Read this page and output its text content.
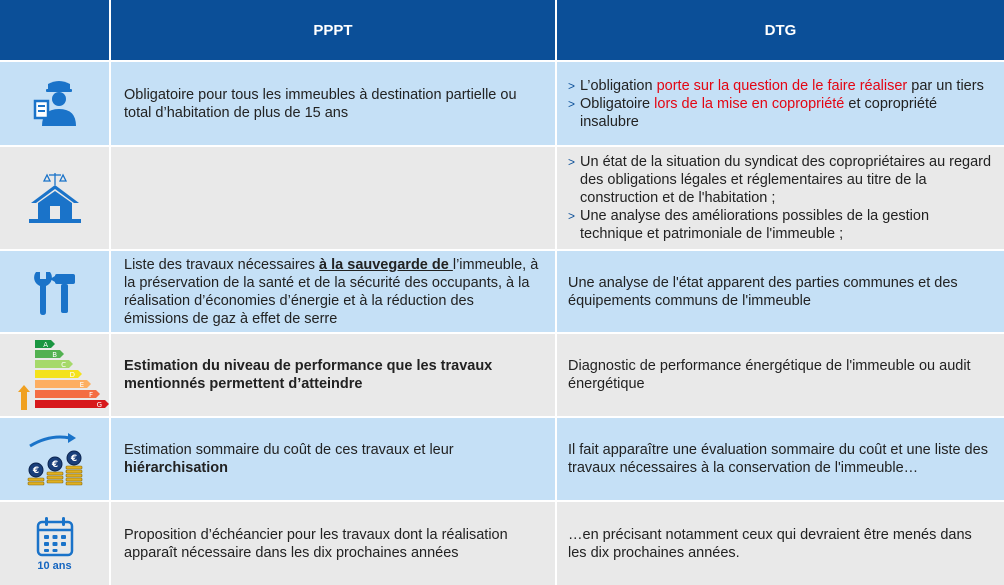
PPPT	DTG
Obligatoire pour tous les immeubles à destination partielle ou total d’habitation de plus de 15 ans
> L’obligation porte sur la question de le faire réaliser par un tiers
> Obligatoire lors de la mise en copropriété et copropriété insalubre
> Un état de la situation du syndicat des copropriétaires au regard des obligations légales et réglementaires au titre de la construction et de l'habitation ;
> Une analyse des améliorations possibles de la gestion technique et patrimoniale de l'immeuble ;
Liste des travaux nécessaires à la sauvegarde de l’immeuble, à la préservation de la santé et de la sécurité des occupants, à la réalisation d’économies d’énergie et à la réduction des émissions de gaz à effet de serre
Une analyse de l'état apparent des parties communes et des équipements communs de l'immeuble
A
B
C
D
E
F
G
Estimation du niveau de performance que les travaux mentionnés permettent d’atteindre
Diagnostic de performance énergétique de l'immeuble ou audit énergétique
€
€
€
Estimation sommaire du coût de ces travaux et leur hiérarchisation
Il fait apparaître une évaluation sommaire du coût et une liste des travaux nécessaires à la conservation de l'immeuble…
10 ans
Proposition d’échéancier pour les travaux dont la réalisation apparaît nécessaire dans les dix prochaines années
…en précisant notamment ceux qui devraient être menés dans les dix prochaines années.
